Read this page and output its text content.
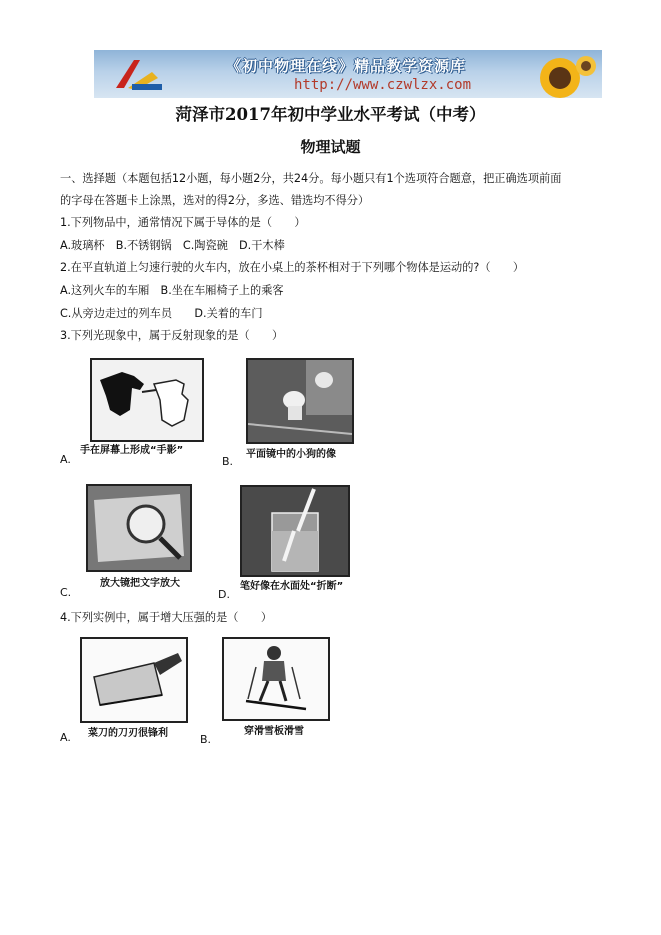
《初中物理在线》精品教学资源库
http://www.czwlzx.com
菏泽市2017年初中学业水平考试（中考）
物理试题
一、选择题（本题包括12小题，每小题2分，共24分。每小题只有1个选项符合题意，把正确选项前面
的字母在答题卡上涂黑，选对的得2分，多选、错选均不得分）
1.下列物品中，通常情况下属于导体的是（　　）
A.玻璃杯　B.不锈钢锅　C.陶瓷碗　D.干木棒
2.在平直轨道上匀速行驶的火车内，放在小桌上的茶杯相对于下列哪个物体是运动的?（　　）
A.这列火车的车厢　B.坐在车厢椅子上的乘客
C.从旁边走过的列车员　　D.关着的车门
3.下列光现象中，属于反射现象的是（　　）
手在屏幕上形成“手影”
A.	平面镜中的小狗的像
B.
放大镜把文字放大
C.	笔好像在水面处“折断”
D.
4.下列实例中，属于增大压强的是（　　）
菜刀的刀刃很锋利
A.	穿滑雪板滑雪
B.
